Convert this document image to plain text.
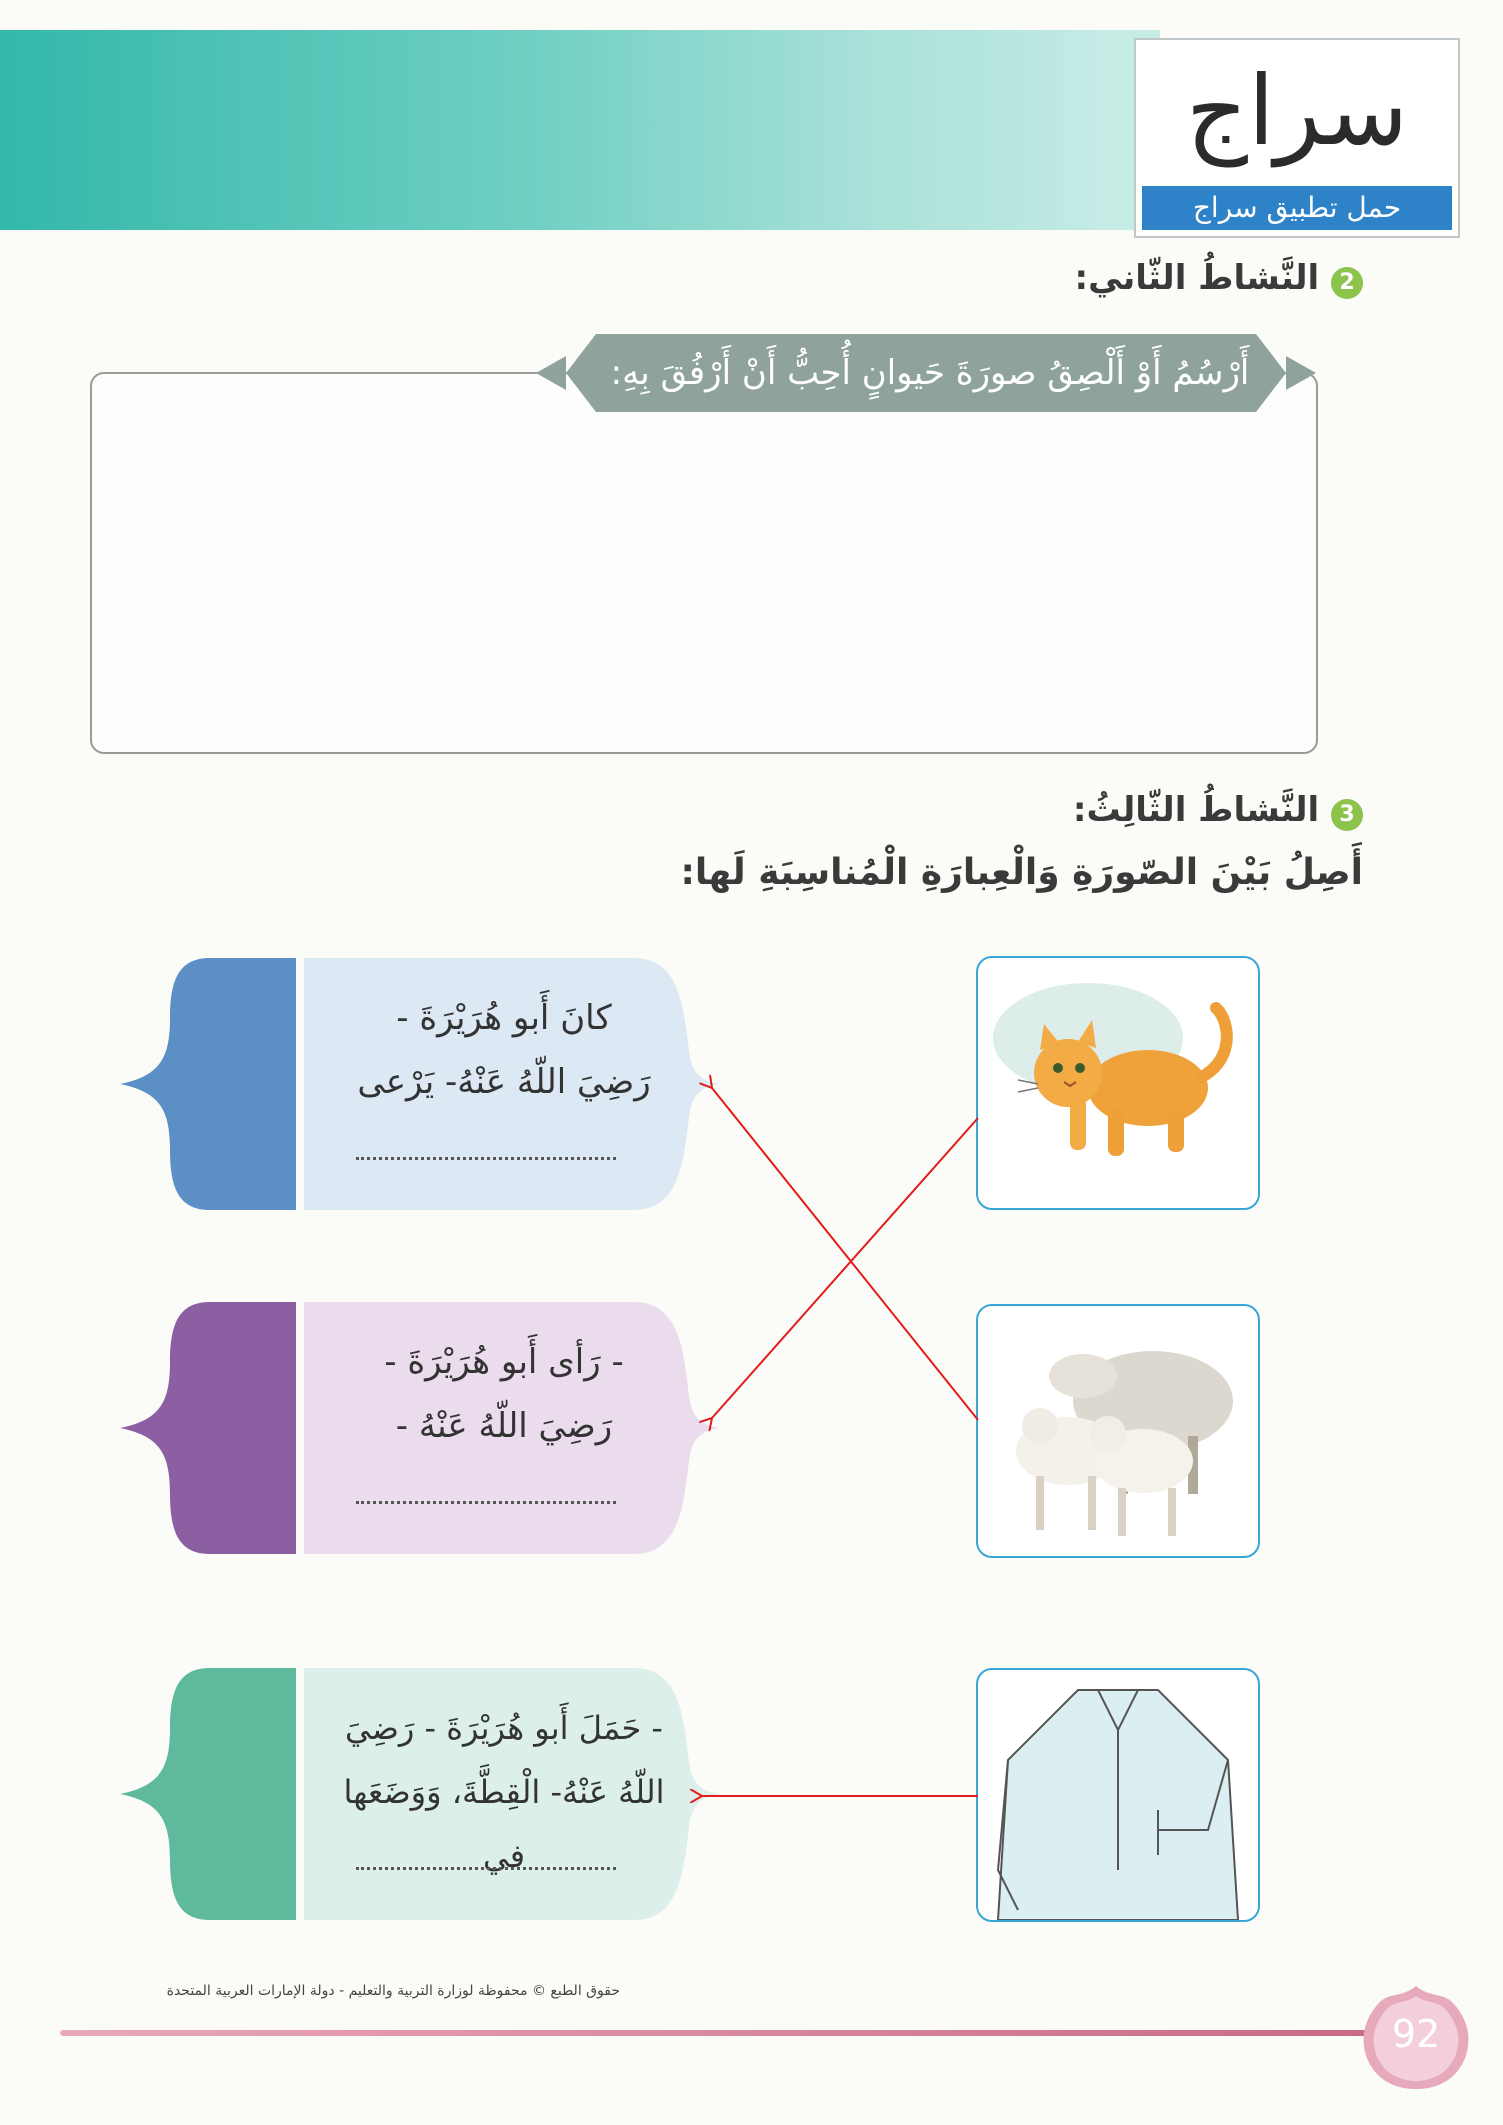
سراج
حمل تطبيق سراج
2 النَّشاطُ الثّاني:
أَرْسُمُ أَوْ أَلْصِقُ صورَةَ حَيوانٍ أُحِبُّ أَنْ أَرْفُقَ بِهِ:
3 النَّشاطُ الثّالِثُ:
أَصِلُ بَيْنَ الصّورَةِ وَالْعِبارَةِ الْمُناسِبَةِ لَها:
كانَ أَبو هُرَيْرَةَ -
رَضِيَ اللّهُ عَنْهُ- يَرْعى
- رَأى أَبو هُرَيْرَةَ -
رَضِيَ اللّهُ عَنْهُ -
- حَمَلَ أَبو هُرَيْرَةَ - رَضِيَ
اللّهُ عَنْهُ- الْقِطَّةَ، وَوَضَعَها في
حقوق الطبع © محفوظة لوزارة التربية والتعليم - دولة الإمارات العربية المتحدة
92
